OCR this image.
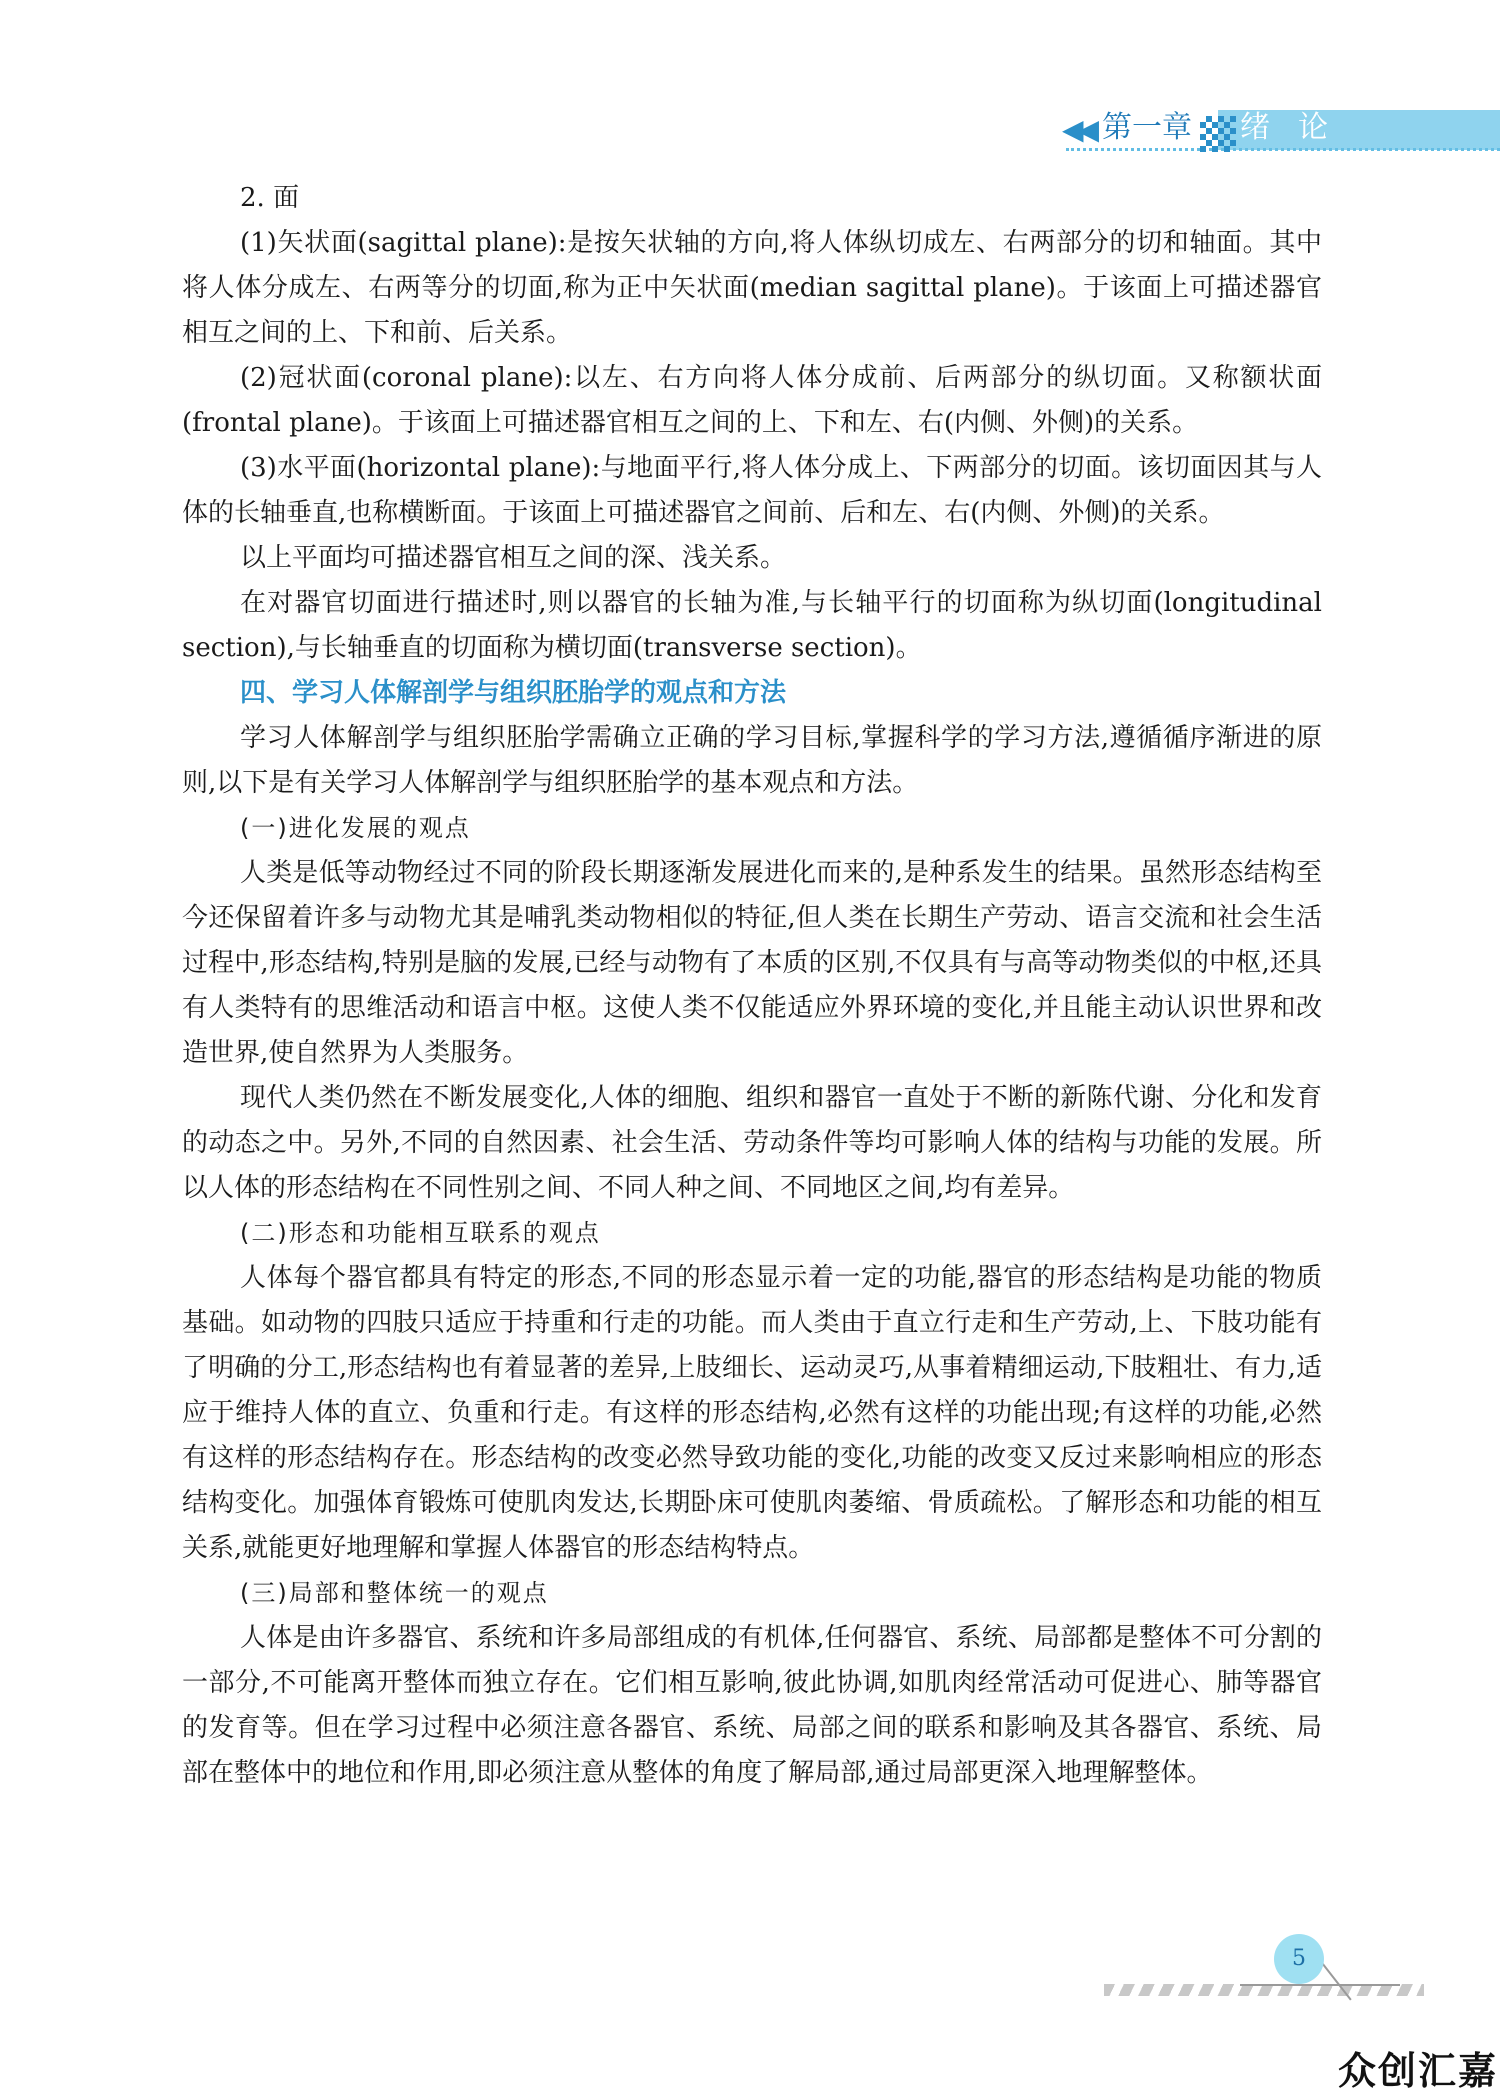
◀◀ 第一章 绪论

2. 面

(1)矢状面(sagittal plane):是按矢状轴的方向,将人体纵切成左、右两部分的切和轴面。其中将人体分成左、右两等分的切面,称为正中矢状面(median sagittal plane)。于该面上可描述器官相互之间的上、下和前、后关系。

(2)冠状面(coronal plane):以左、右方向将人体分成前、后两部分的纵切面。又称额状面(frontal plane)。于该面上可描述器官相互之间的上、下和左、右(内侧、外侧)的关系。

(3)水平面(horizontal plane):与地面平行,将人体分成上、下两部分的切面。该切面因其与人体的长轴垂直,也称横断面。于该面上可描述器官之间前、后和左、右(内侧、外侧)的关系。

以上平面均可描述器官相互之间的深、浅关系。

在对器官切面进行描述时,则以器官的长轴为准,与长轴平行的切面称为纵切面(longitudinal section),与长轴垂直的切面称为横切面(transverse section)。

四、学习人体解剖学与组织胚胎学的观点和方法

学习人体解剖学与组织胚胎学需确立正确的学习目标,掌握科学的学习方法,遵循循序渐进的原则,以下是有关学习人体解剖学与组织胚胎学的基本观点和方法。

(一)进化发展的观点

人类是低等动物经过不同的阶段长期逐渐发展进化而来的,是种系发生的结果。虽然形态结构至今还保留着许多与动物尤其是哺乳类动物相似的特征,但人类在长期生产劳动、语言交流和社会生活过程中,形态结构,特别是脑的发展,已经与动物有了本质的区别,不仅具有与高等动物类似的中枢,还具有人类特有的思维活动和语言中枢。这使人类不仅能适应外界环境的变化,并且能主动认识世界和改造世界,使自然界为人类服务。

现代人类仍然在不断发展变化,人体的细胞、组织和器官一直处于不断的新陈代谢、分化和发育的动态之中。另外,不同的自然因素、社会生活、劳动条件等均可影响人体的结构与功能的发展。所以人体的形态结构在不同性别之间、不同人种之间、不同地区之间,均有差异。

(二)形态和功能相互联系的观点

人体每个器官都具有特定的形态,不同的形态显示着一定的功能,器官的形态结构是功能的物质基础。如动物的四肢只适应于持重和行走的功能。而人类由于直立行走和生产劳动,上、下肢功能有了明确的分工,形态结构也有着显著的差异,上肢细长、运动灵巧,从事着精细运动,下肢粗壮、有力,适应于维持人体的直立、负重和行走。有这样的形态结构,必然有这样的功能出现;有这样的功能,必然有这样的形态结构存在。形态结构的改变必然导致功能的变化,功能的改变又反过来影响相应的形态结构变化。加强体育锻炼可使肌肉发达,长期卧床可使肌肉萎缩、骨质疏松。了解形态和功能的相互关系,就能更好地理解和掌握人体器官的形态结构特点。

(三)局部和整体统一的观点

人体是由许多器官、系统和许多局部组成的有机体,任何器官、系统、局部都是整体不可分割的一部分,不可能离开整体而独立存在。它们相互影响,彼此协调,如肌肉经常活动可促进心、肺等器官的发育等。但在学习过程中必须注意各器官、系统、局部之间的联系和影响及其各器官、系统、局部在整体中的地位和作用,即必须注意从整体的角度了解局部,通过局部更深入地理解整体。

5
众创汇嘉
